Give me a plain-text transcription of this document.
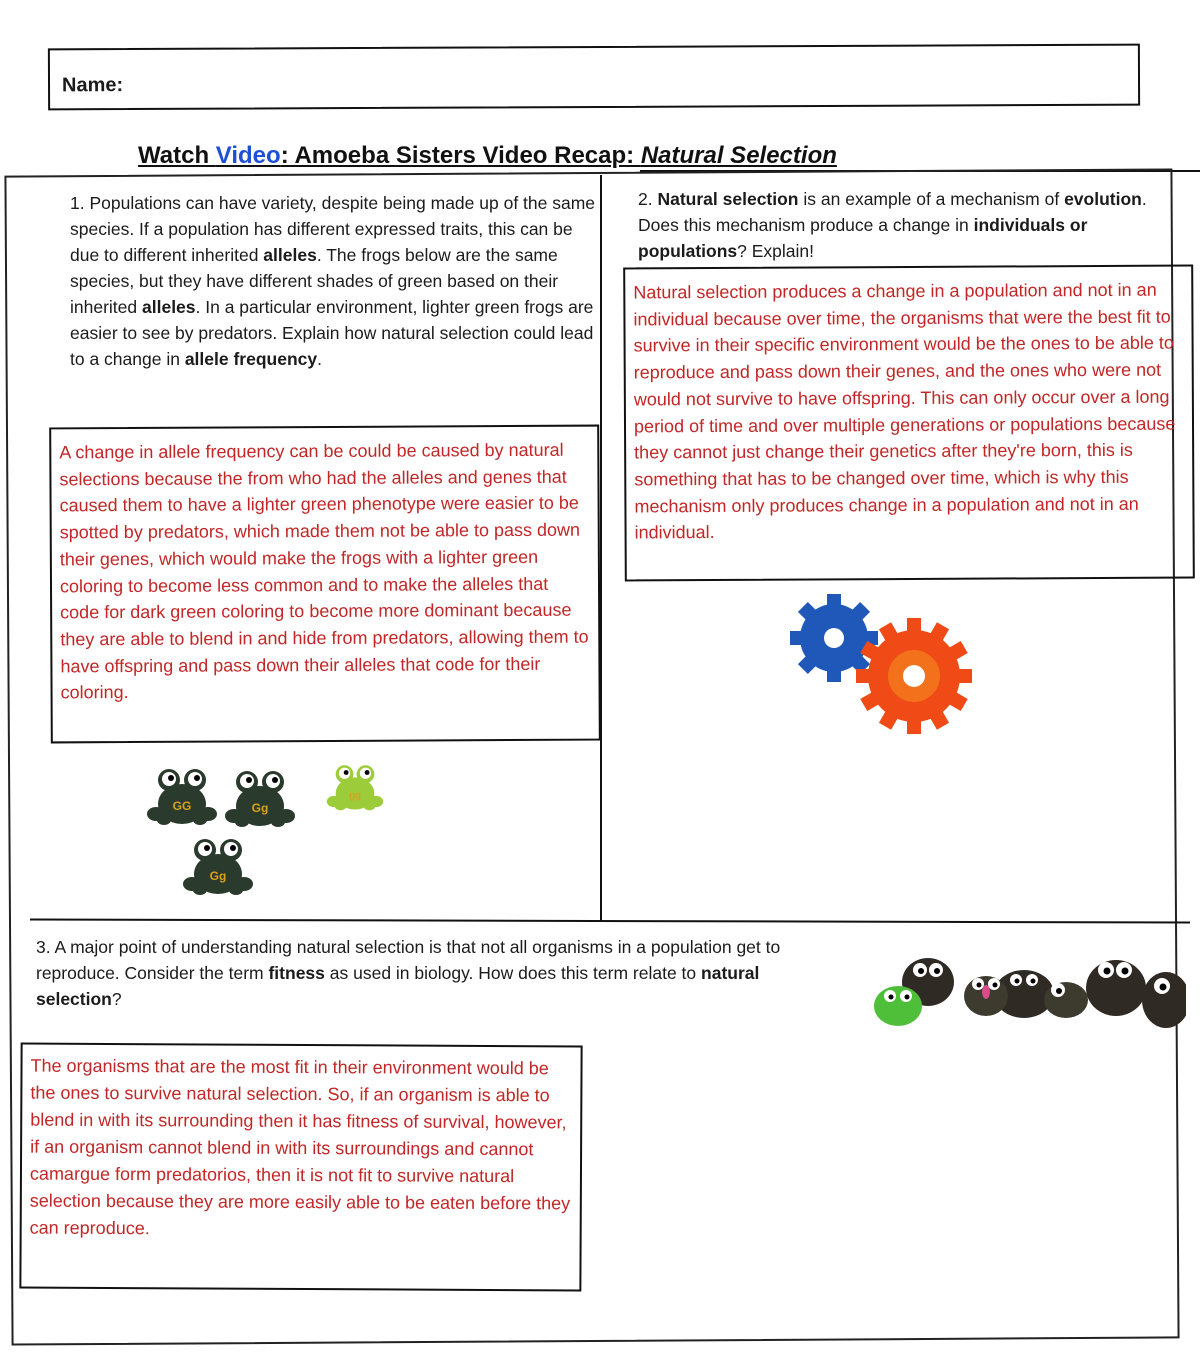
Name:
Watch Video: Amoeba Sisters Video Recap: Natural Selection
1. Populations can have variety, despite being made up of the same species. If a population has different expressed traits, this can be due to different inherited alleles. The frogs below are the same species, but they have different shades of green based on their inherited alleles. In a particular environment, lighter green frogs are easier to see by predators. Explain how natural selection could lead to a change in allele frequency.
A change in allele frequency can be could be caused by natural selections because the from who had the alleles and genes that caused them to have a lighter green phenotype were easier to be spotted by predators, which made them not be able to pass down their genes, which would make the frogs with a lighter green coloring to become less common and to make the alleles that code for dark green coloring to become more dominant because they are able to blend in and hide from predators, allowing them to have offspring and pass down their alleles that code for their coloring.
GG	Gg
gg
Gg
2. Natural selection is an example of a mechanism of evolution. Does this mechanism produce a change in individuals or populations? Explain!
Natural selection produces a change in a population and not in an individual because over time, the organisms that were the best fit to survive in their specific environment would be the ones to be able to reproduce and pass down their genes, and the ones who were not would not survive to have offspring. This can only occur over a long period of time and over multiple generations or populations because they cannot just change their genetics after they're born, this is something that has to be changed over time, which is why this mechanism only produces change in a population and not in an individual.
3. A major point of understanding natural selection is that not all organisms in a population get to reproduce. Consider the term fitness as used in biology. How does this term relate to natural selection?
The organisms that are the most fit in their environment would be the ones to survive natural selection. So, if an organism is able to blend in with its surrounding then it has fitness of survival, however, if an organism cannot blend in with its surroundings and cannot camargue form predatorios, then it is not fit to survive natural selection because they are more easily able to be eaten before they can reproduce.
